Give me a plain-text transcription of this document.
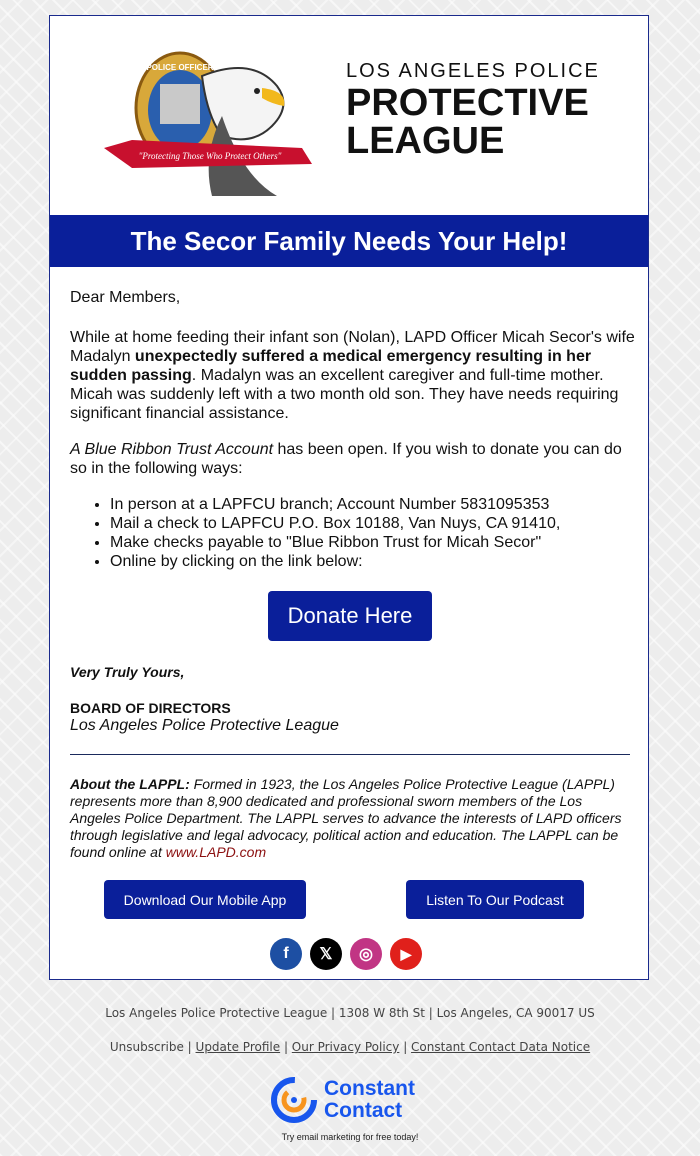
"Protecting Those Who Protect Others"
POLICE OFFICER	LOS ANGELES POLICE
PROTECTIVE
LEAGUE
The Secor Family Needs Your Help!
Dear Members,
While at home feeding their infant son (Nolan), LAPD Officer Micah Secor's wife Madalyn unexpectedly suffered a medical emergency resulting in her sudden passing. Madalyn was an excellent caregiver and full-time mother. Micah was suddenly left with a two month old son. They have needs requiring significant financial assistance.
A Blue Ribbon Trust Account has been open. If you wish to donate you can do so in the following ways:
• In person at a LAPFCU branch; Account Number 5831095353
• Mail a check to LAPFCU P.O. Box 10188, Van Nuys, CA 91410,
• Make checks payable to "Blue Ribbon Trust for Micah Secor"
• Online by clicking on the link below:
Donate Here
Very Truly Yours,
BOARD OF DIRECTORS
Los Angeles Police Protective League
About the LAPPL: Formed in 1923, the Los Angeles Police Protective League (LAPPL) represents more than 8,900 dedicated and professional sworn members of the Los Angeles Police Department. The LAPPL serves to advance the interests of LAPD officers through legislative and legal advocacy, political action and education. The LAPPL can be found online at www.LAPD.com
Download Our Mobile App	Listen To Our Podcast
f	𝕏	◎	▶
Los Angeles Police Protective League | 1308 W 8th St | Los Angeles, CA 90017 US
Unsubscribe | Update Profile | Our Privacy Policy | Constant Contact Data Notice
Constant
Contact
Try email marketing for free today!
